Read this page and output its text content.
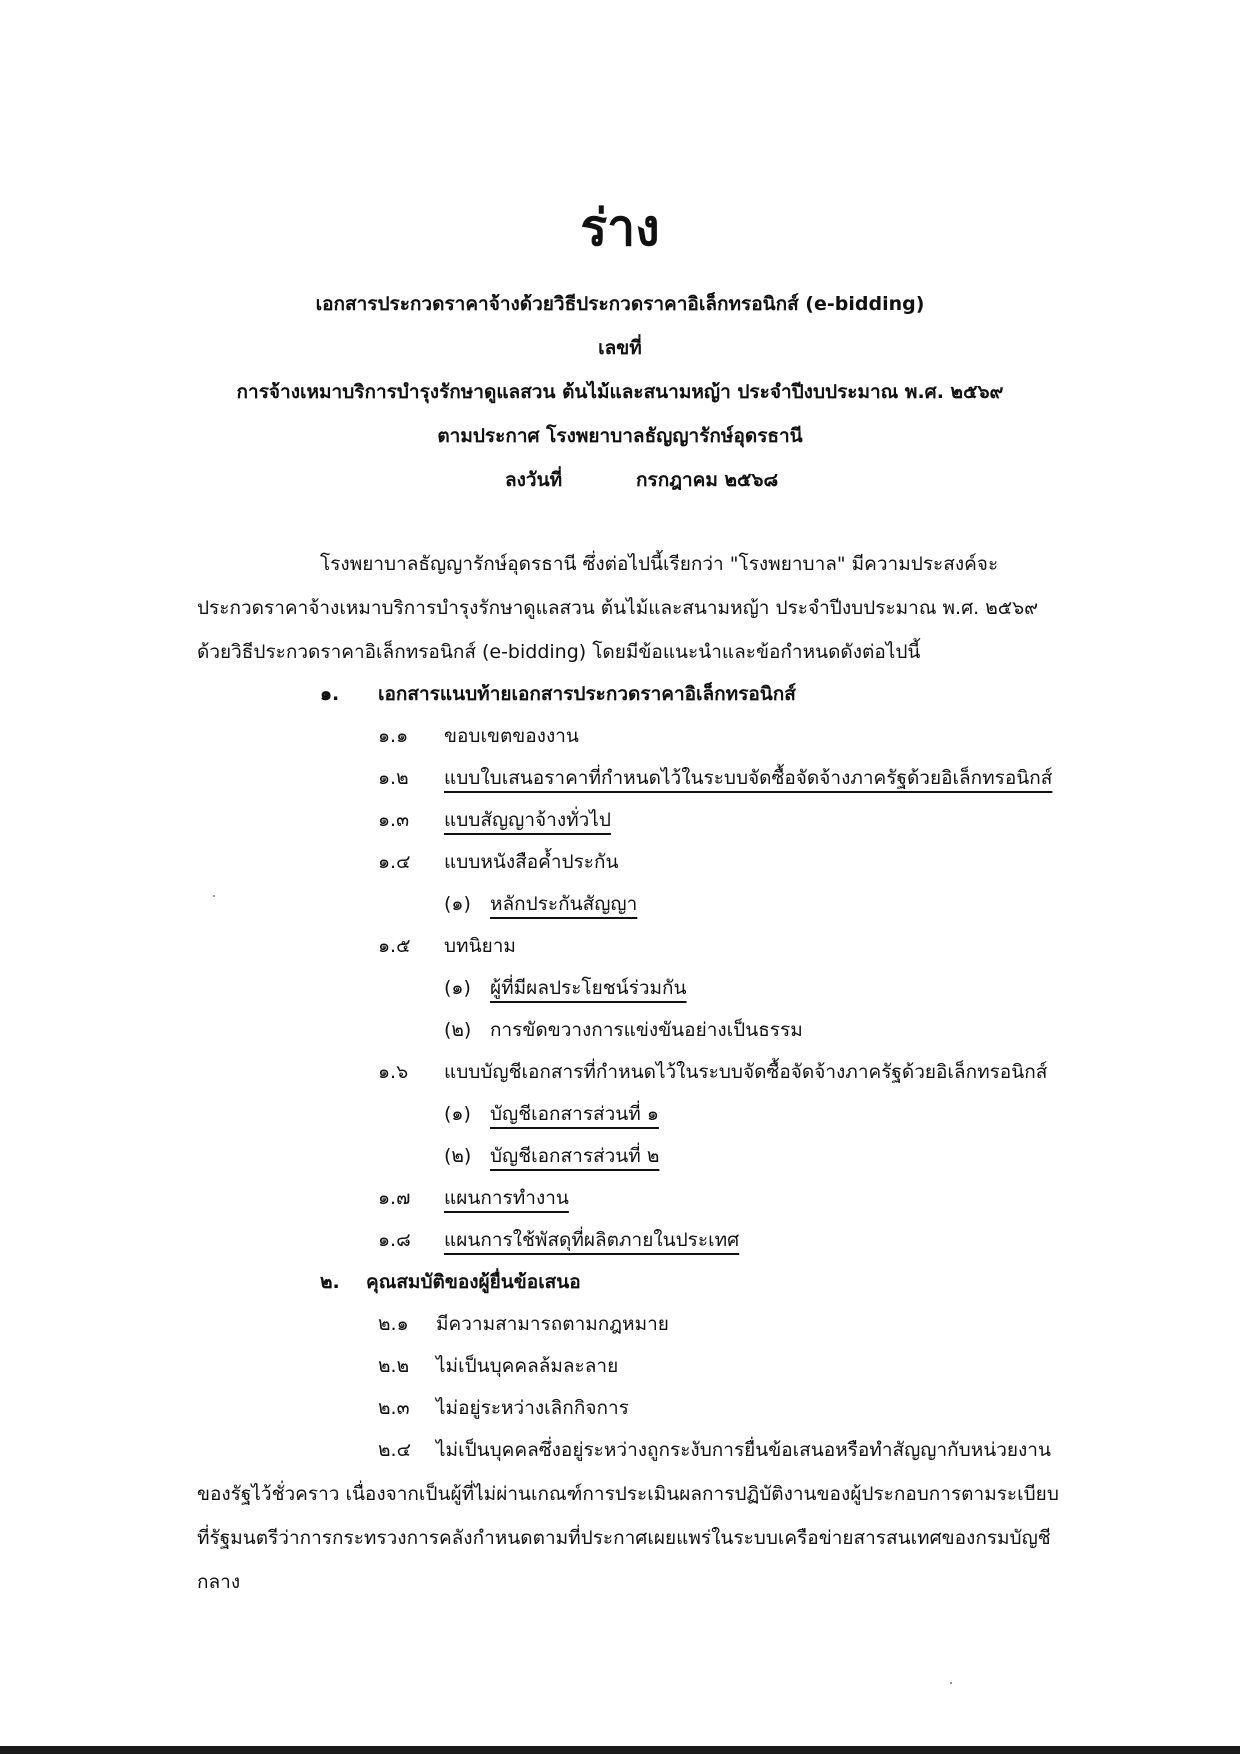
ร่าง
เอกสารประกวดราคาจ้างด้วยวิธีประกวดราคาอิเล็กทรอนิกส์ (e-bidding)
เลขที่
การจ้างเหมาบริการบำรุงรักษาดูแลสวน ต้นไม้และสนามหญ้า ประจำปีงบประมาณ พ.ศ. ๒๕๖๙
ตามประกาศ โรงพยาบาลธัญญารักษ์อุดรธานี
ลงวันที่	กรกฎาคม ๒๕๖๘
โรงพยาบาลธัญญารักษ์อุดรธานี ซึ่งต่อไปนี้เรียกว่า "โรงพยาบาล" มีความประสงค์จะ
ประกวดราคาจ้างเหมาบริการบำรุงรักษาดูแลสวน ต้นไม้และสนามหญ้า ประจำปีงบประมาณ พ.ศ. ๒๕๖๙
ด้วยวิธีประกวดราคาอิเล็กทรอนิกส์ (e-bidding) โดยมีข้อแนะนำและข้อกำหนดดังต่อไปนี้
๑. เอกสารแนบท้ายเอกสารประกวดราคาอิเล็กทรอนิกส์
๑.๑ ขอบเขตของงาน
๑.๒ แบบใบเสนอราคาที่กำหนดไว้ในระบบจัดซื้อจัดจ้างภาครัฐด้วยอิเล็กทรอนิกส์
๑.๓ แบบสัญญาจ้างทั่วไป
๑.๔ แบบหนังสือค้ำประกัน
(๑) หลักประกันสัญญา
๑.๕ บทนิยาม
(๑) ผู้ที่มีผลประโยชน์ร่วมกัน
(๒) การขัดขวางการแข่งขันอย่างเป็นธรรม
๑.๖ แบบบัญชีเอกสารที่กำหนดไว้ในระบบจัดซื้อจัดจ้างภาครัฐด้วยอิเล็กทรอนิกส์
(๑) บัญชีเอกสารส่วนที่ ๑
(๒) บัญชีเอกสารส่วนที่ ๒
๑.๗ แผนการทำงาน
๑.๘ แผนการใช้พัสดุที่ผลิตภายในประเทศ
๒. คุณสมบัติของผู้ยื่นข้อเสนอ
๒.๑ มีความสามารถตามกฎหมาย
๒.๒ ไม่เป็นบุคคลล้มละลาย
๒.๓ ไม่อยู่ระหว่างเลิกกิจการ
๒.๔ ไม่เป็นบุคคลซึ่งอยู่ระหว่างถูกระงับการยื่นข้อเสนอหรือทำสัญญากับหน่วยงาน
ของรัฐไว้ชั่วคราว เนื่องจากเป็นผู้ที่ไม่ผ่านเกณฑ์การประเมินผลการปฏิบัติงานของผู้ประกอบการตามระเบียบ
ที่รัฐมนตรีว่าการกระทรวงการคลังกำหนดตามที่ประกาศเผยแพร่ในระบบเครือข่ายสารสนเทศของกรมบัญชี
กลาง
